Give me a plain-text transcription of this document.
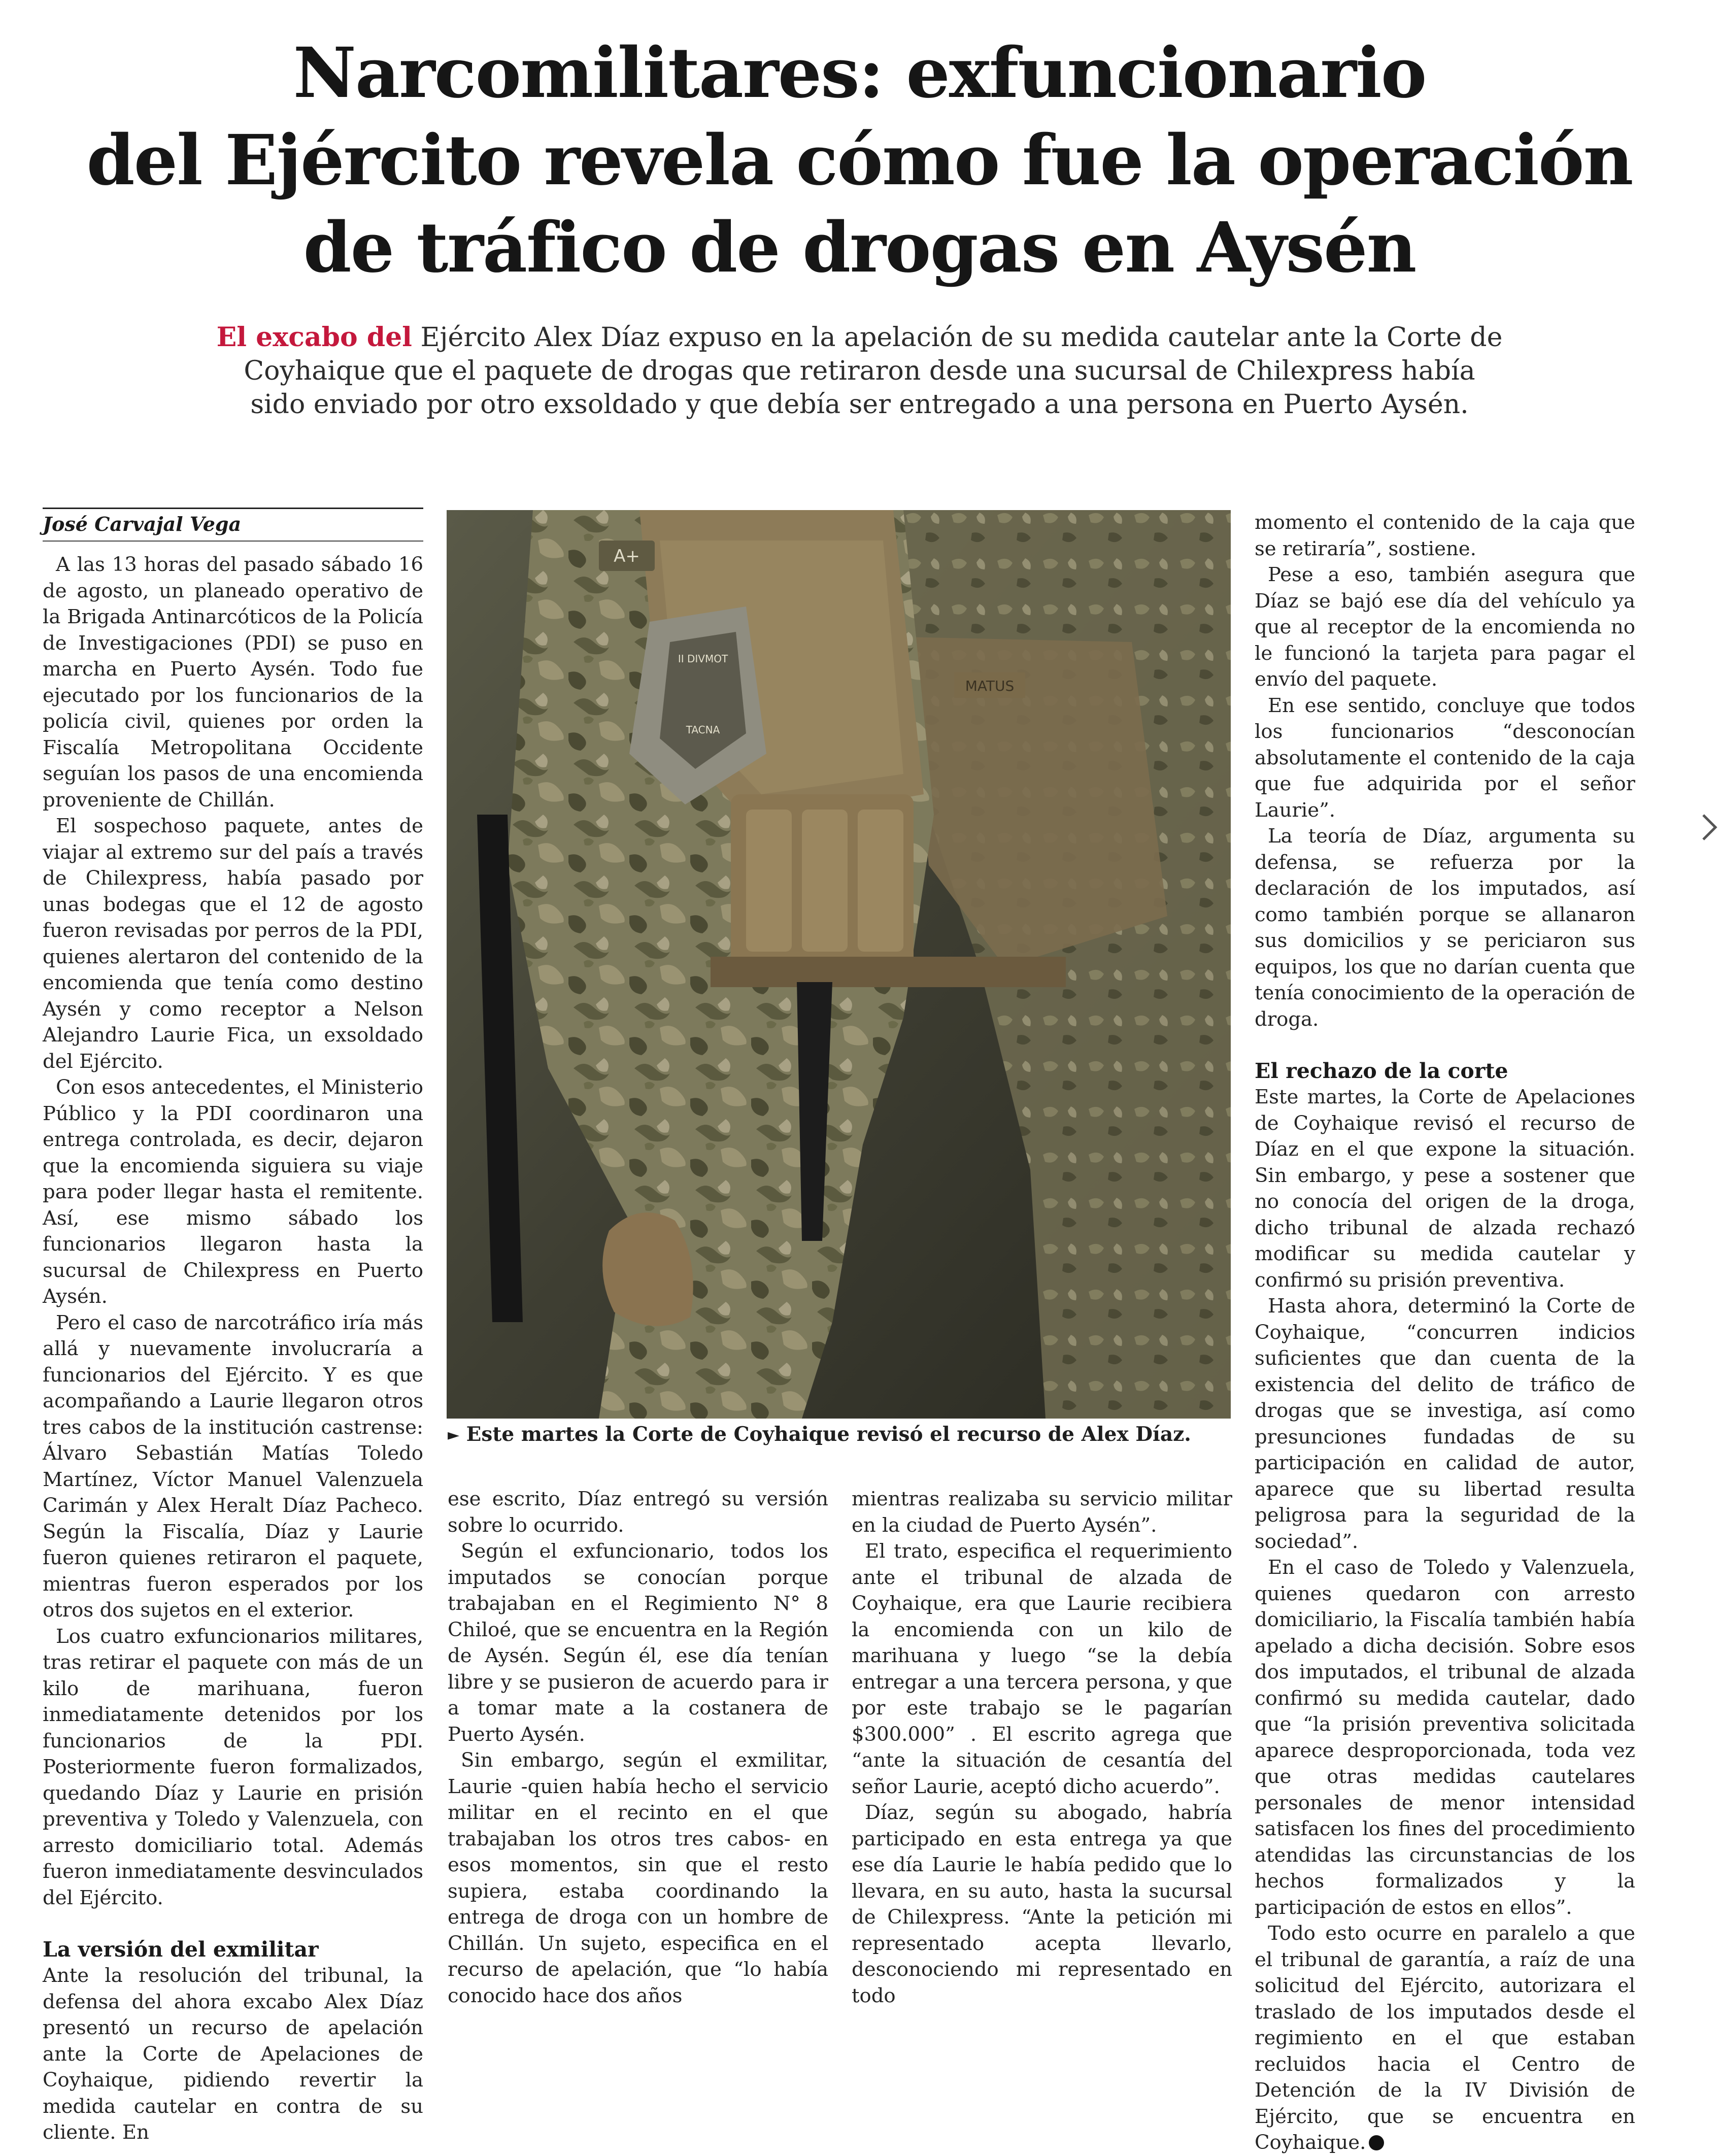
Narcomilitares: exfuncionario
del Ejército revela cómo fue la operación
de tráfico de drogas en Aysén

El excabo del Ejército Alex Díaz expuso en la apelación de su medida cautelar ante la Corte de Coyhaique que el paquete de drogas que retiraron desde una sucursal de Chilexpress había sido enviado por otro exsoldado y que debía ser entregado a una persona en Puerto Aysén.

José Carvajal Vega

A las 13 horas del pasado sábado 16 de agosto, un planeado operativo de la Brigada Antinarcóticos de la Policía de Investigaciones (PDI) se puso en marcha en Puerto Aysén. Todo fue ejecutado por los funcionarios de la policía civil, quienes por orden la Fiscalía Metropolitana Occidente seguían los pasos de una encomienda proveniente de Chillán.

El sospechoso paquete, antes de viajar al extremo sur del país a través de Chilexpress, había pasado por unas bodegas que el 12 de agosto fueron revisadas por perros de la PDI, quienes alertaron del contenido de la encomienda que tenía como destino Aysén y como receptor a Nelson Alejandro Laurie Fica, un exsoldado del Ejército.

Con esos antecedentes, el Ministerio Público y la PDI coordinaron una entrega controlada, es decir, dejaron que la encomienda siguiera su viaje para poder llegar hasta el remitente. Así, ese mismo sábado los funcionarios llegaron hasta la sucursal de Chilexpress en Puerto Aysén.

Pero el caso de narcotráfico iría más allá y nuevamente involucraría a funcionarios del Ejército. Y es que acompañando a Laurie llegaron otros tres cabos de la institución castrense: Álvaro Sebastián Matías Toledo Martínez, Víctor Manuel Valenzuela Carimán y Alex Heralt Díaz Pacheco. Según la Fiscalía, Díaz y Laurie fueron quienes retiraron el paquete, mientras fueron esperados por los otros dos sujetos en el exterior.

Los cuatro exfuncionarios militares, tras retirar el paquete con más de un kilo de marihuana, fueron inmediatamente detenidos por los funcionarios de la PDI. Posteriormente fueron formalizados, quedando Díaz y Laurie en prisión preventiva y Toledo y Valenzuela, con arresto domiciliario total. Además fueron inmediatamente desvinculados del Ejército.

La versión del exmilitar

Ante la resolución del tribunal, la defensa del ahora excabo Alex Díaz presentó un recurso de apelación ante la Corte de Apelaciones de Coyhaique, pidiendo revertir la medida cautelar en contra de su cliente. En

A+
II DIVMOT
TACNA
MATUS
► Este martes la Corte de Coyhaique revisó el recurso de Alex Díaz.

ese escrito, Díaz entregó su versión sobre lo ocurrido.

Según el exfuncionario, todos los imputados se conocían porque trabajaban en el Regimiento N° 8 Chiloé, que se encuentra en la Región de Aysén. Según él, ese día tenían libre y se pusieron de acuerdo para ir a tomar mate a la costanera de Puerto Aysén.

Sin embargo, según el exmilitar, Laurie -quien había hecho el servicio militar en el recinto en el que trabajaban los otros tres cabos- en esos momentos, sin que el resto supiera, estaba coordinando la entrega de droga con un hombre de Chillán. Un sujeto, especifica en el recurso de apelación, que “lo había conocido hace dos años

mientras realizaba su servicio militar en la ciudad de Puerto Aysén”.

El trato, especifica el requerimiento ante el tribunal de alzada de Coyhaique, era que Laurie recibiera la encomienda con un kilo de marihuana y luego “se la debía entregar a una tercera persona, y que por este trabajo se le pagarían $300.000” . El escrito agrega que “ante la situación de cesantía del señor Laurie, aceptó dicho acuerdo”.

Díaz, según su abogado, habría participado en esta entrega ya que ese día Laurie le había pedido que lo llevara, en su auto, hasta la sucursal de Chilexpress. “Ante la petición mi representado acepta llevarlo, desconociendo mi representado en todo

momento el contenido de la caja que se retiraría”, sostiene.

Pese a eso, también asegura que Díaz se bajó ese día del vehículo ya que al receptor de la encomienda no le funcionó la tarjeta para pagar el envío del paquete.

En ese sentido, concluye que todos los funcionarios “desconocían absolutamente el contenido de la caja que fue adquirida por el señor Laurie”.

La teoría de Díaz, argumenta su defensa, se refuerza por la declaración de los imputados, así como también porque se allanaron sus domicilios y se periciaron sus equipos, los que no darían cuenta que tenía conocimiento de la operación de droga.

El rechazo de la corte

Este martes, la Corte de Apelaciones de Coyhaique revisó el recurso de Díaz en el que expone la situación. Sin embargo, y pese a sostener que no conocía del origen de la droga, dicho tribunal de alzada rechazó modificar su medida cautelar y confirmó su prisión preventiva.

Hasta ahora, determinó la Corte de Coyhaique, “concurren indicios suficientes que dan cuenta de la existencia del delito de tráfico de drogas que se investiga, así como presunciones fundadas de su participación en calidad de autor, aparece que su libertad resulta peligrosa para la seguridad de la sociedad”.

En el caso de Toledo y Valenzuela, quienes quedaron con arresto domiciliario, la Fiscalía también había apelado a dicha decisión. Sobre esos dos imputados, el tribunal de alzada confirmó su medida cautelar, dado que “la prisión preventiva solicitada aparece desproporcionada, toda vez que otras medidas cautelares personales de menor intensidad satisfacen los fines del procedimiento atendidas las circunstancias de los hechos formalizados y la participación de estos en ellos”.

Todo esto ocurre en paralelo a que el tribunal de garantía, a raíz de una solicitud del Ejército, autorizara el traslado de los imputados desde el regimiento en el que estaban recluidos hacia el Centro de Detención de la IV División de Ejército, que se encuentra en Coyhaique.
